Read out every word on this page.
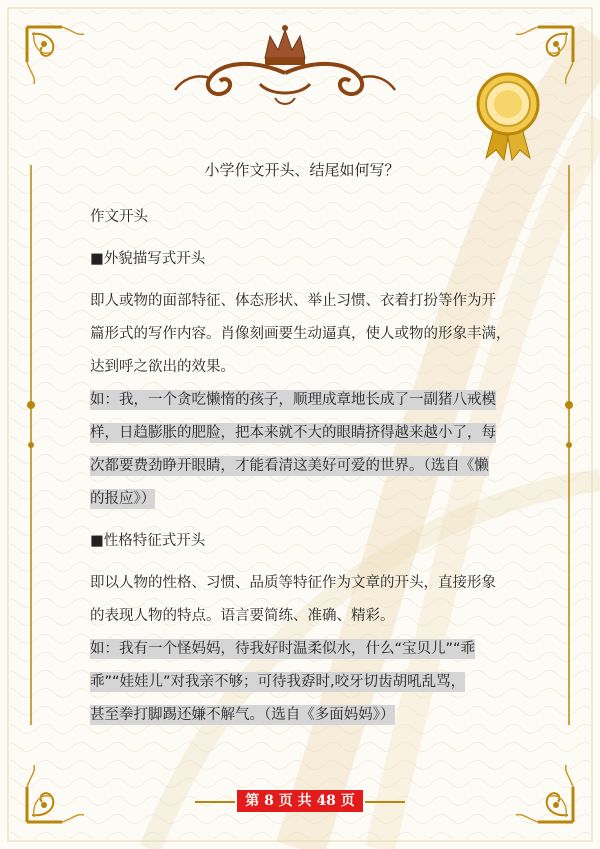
小学作文开头、结尾如何写？

作文开头

■外貌描写式开头

即人或物的面部特征、体态形状、举止习惯、衣着打扮等作为开
篇形式的写作内容。肖像刻画要生动逼真，使人或物的形象丰满，
达到呼之欲出的效果。
如：我，一个贪吃懒惰的孩子，顺理成章地长成了一副猪八戒模
样，日趋膨胀的肥脸，把本来就不大的眼睛挤得越来越小了，每
次都要费劲睁开眼睛，才能看清这美好可爱的世界。（选自《懒
的报应》）

■性格特征式开头

即以人物的性格、习惯、品质等特征作为文章的开头，直接形象
的表现人物的特点。语言要简练、准确、精彩。
如：我有一个怪妈妈，待我好时温柔似水，什么“宝贝儿”“乖
乖”“娃娃儿”对我亲不够；可待我孬时,咬牙切齿胡吼乱骂，
甚至拳打脚踢还嫌不解气。（选自《多面妈妈》）
第 8 页 共 48 页
